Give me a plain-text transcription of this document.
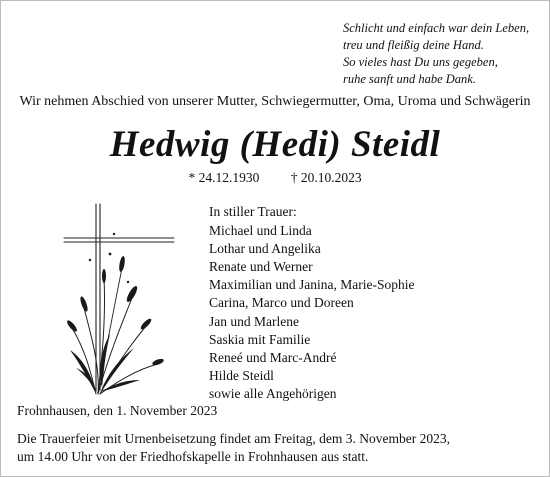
Schlicht und einfach war dein Leben,
treu und fleißig deine Hand.
So vieles hast Du uns gegeben,
ruhe sanft und habe Dank.
Wir nehmen Abschied von unserer Mutter, Schwiegermutter, Oma, Uroma und Schwägerin
Hedwig (Hedi) Steidl
* 24.12.1930 † 20.10.2023
In stiller Trauer:
Michael und Linda
Lothar und Angelika
Renate und Werner
Maximilian und Janina, Marie-Sophie
Carina, Marco und Doreen
Jan und Marlene
Saskia mit Familie
Reneé und Marc-André
Hilde Steidl
sowie alle Angehörigen
Frohnhausen, den 1. November 2023
Die Trauerfeier mit Urnenbeisetzung findet am Freitag, dem 3. November 2023,
um 14.00 Uhr von der Friedhofskapelle in Frohnhausen aus statt.
